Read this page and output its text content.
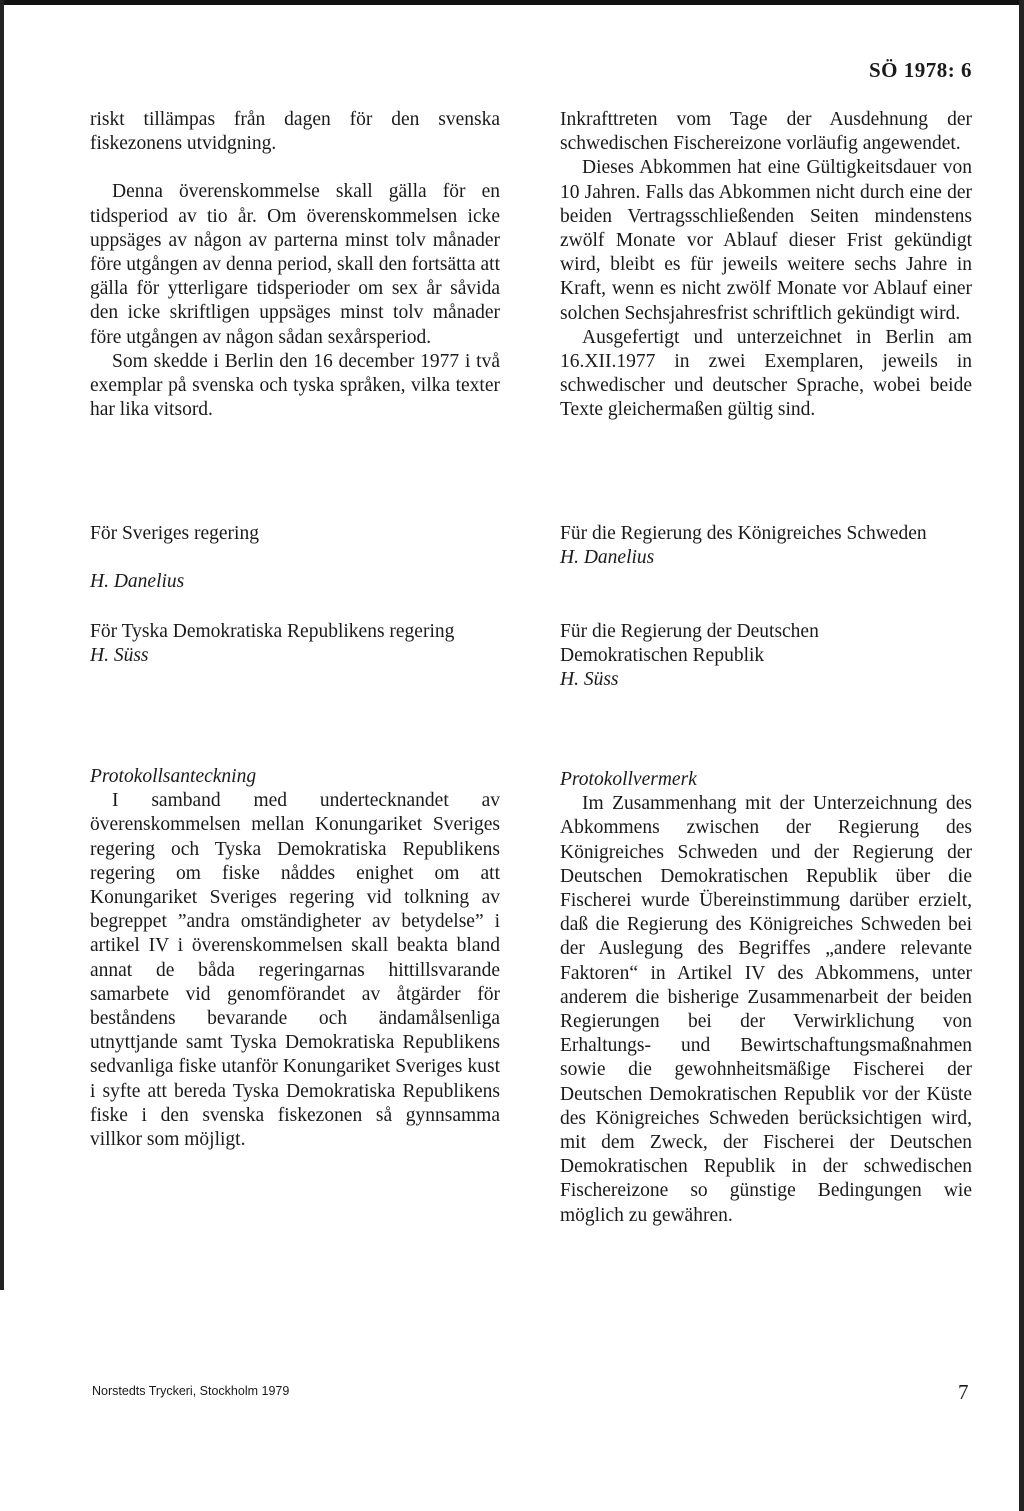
SÖ 1978: 6

riskt tillämpas från dagen för den svenska fiskezonens utvidgning.

Denna överenskommelse skall gälla för en tidsperiod av tio år. Om överenskommelsen icke uppsäges av någon av parterna minst tolv månader före utgången av denna period, skall den fortsätta att gälla för ytterligare tidsperioder om sex år såvida den icke skriftligen uppsäges minst tolv månader före utgången av någon sådan sexårsperiod.

Som skedde i Berlin den 16 december 1977 i två exemplar på svenska och tyska språken, vilka texter har lika vitsord.

För Sveriges regering

H. Danelius

För Tyska Demokratiska Republikens regering

H. Süss

Protokollsanteckning

I samband med undertecknandet av överenskommelsen mellan Konungariket Sveriges regering och Tyska Demokratiska Republikens regering om fiske nåddes enighet om att Konungariket Sveriges regering vid tolkning av begreppet ”andra omständigheter av betydelse” i artikel IV i överenskommelsen skall beakta bland annat de båda regeringarnas hittillsvarande samarbete vid genomförandet av åtgärder för beståndens bevarande och ändamålsenliga utnyttjande samt Tyska Demokratiska Republikens sedvanliga fiske utanför Konungariket Sveriges kust i syfte att bereda Tyska Demokratiska Republikens fiske i den svenska fiskezonen så gynnsamma villkor som möjligt.

Inkrafttreten vom Tage der Ausdehnung der schwedischen Fischereizone vorläufig angewendet.

Dieses Abkommen hat eine Gültigkeitsdauer von 10 Jahren. Falls das Abkommen nicht durch eine der beiden Vertragsschließenden Seiten mindenstens zwölf Monate vor Ablauf dieser Frist gekündigt wird, bleibt es für jeweils weitere sechs Jahre in Kraft, wenn es nicht zwölf Monate vor Ablauf einer solchen Sechsjahresfrist schriftlich gekündigt wird.

Ausgefertigt und unterzeichnet in Berlin am 16.XII.1977 in zwei Exemplaren, jeweils in schwedischer und deutscher Sprache, wobei beide Texte gleichermaßen gültig sind.

Für die Regierung des Königreiches Schweden

H. Danelius

Für die Regierung der Deutschen Demokratischen Republik

H. Süss

Protokollvermerk

Im Zusammenhang mit der Unterzeichnung des Abkommens zwischen der Regierung des Königreiches Schweden und der Regierung der Deutschen Demokratischen Republik über die Fischerei wurde Übereinstimmung darüber erzielt, daß die Regierung des Königreiches Schweden bei der Auslegung des Begriffes „andere relevante Faktoren“ in Artikel IV des Abkommens, unter anderem die bisherige Zusammenarbeit der beiden Regierungen bei der Verwirklichung von Erhaltungs- und Bewirtschaftungsmaßnahmen sowie die gewohnheitsmäßige Fischerei der Deutschen Demokratischen Republik vor der Küste des Königreiches Schweden berücksichtigen wird, mit dem Zweck, der Fischerei der Deutschen Demokratischen Republik in der schwedischen Fischereizone so günstige Bedingungen wie möglich zu gewähren.

Norstedts Tryckeri, Stockholm 1979	7
